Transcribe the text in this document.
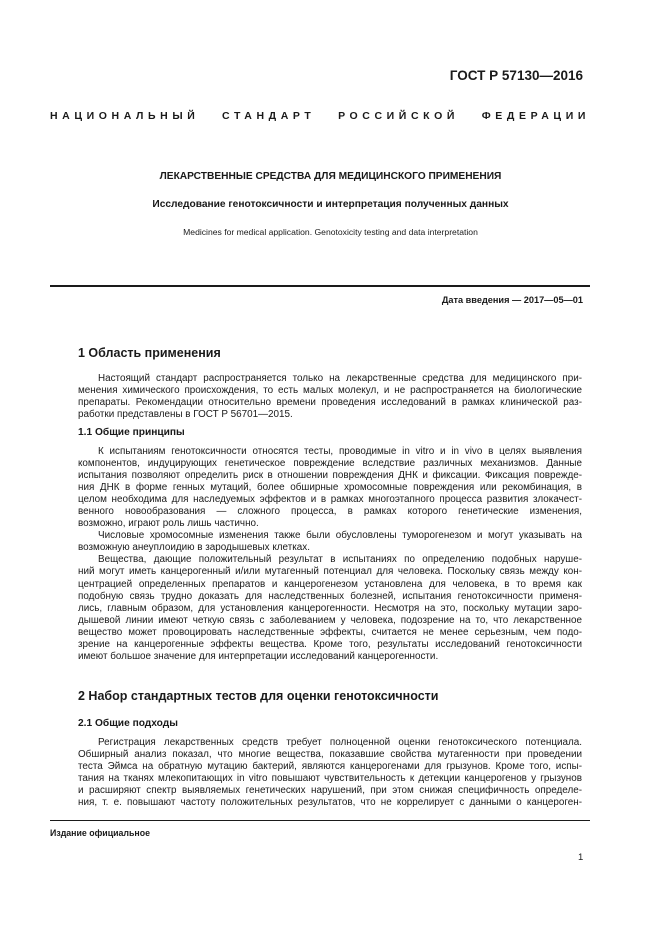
ГОСТ Р 57130—2016
НАЦИОНАЛЬНЫЙ СТАНДАРТ РОССИЙСКОЙ ФЕДЕРАЦИИ
ЛЕКАРСТВЕННЫЕ СРЕДСТВА ДЛЯ МЕДИЦИНСКОГО ПРИМЕНЕНИЯ
Исследование генотоксичности и интерпретация полученных данных
Medicines for medical application. Genotoxicity testing and data interpretation
Дата введения — 2017—05—01
1 Область применения
Настоящий стандарт распространяется только на лекарственные средства для медицинского при-
менения химического происхождения, то есть малых молекул, и не распространяется на биологические
препараты. Рекомендации относительно времени проведения исследований в рамках клинической раз-
работки представлены в ГОСТ Р 56701—2015.
1.1 Общие принципы
К испытаниям генотоксичности относятся тесты, проводимые in vitro и in vivo в целях выявления
компонентов, индуцирующих генетическое повреждение вследствие различных механизмов. Данные
испытания позволяют определить риск в отношении повреждения ДНК и фиксации. Фиксация поврежде-
ния ДНК в форме генных мутаций, более обширные хромосомные повреждения или рекомбинация, в
целом необходима для наследуемых эффектов и в рамках многоэтапного процесса развития злокачест-
венного новообразования — сложного процесса, в рамках которого генетические изменения,
возможно, играют роль лишь частично.
Числовые хромосомные изменения также были обусловлены туморогенезом и могут указывать на
возможную анеуплоидию в зародышевых клетках.
Вещества, дающие положительный результат в испытаниях по определению подобных наруше-
ний могут иметь канцерогенный и/или мутагенный потенциал для человека. Поскольку связь между кон-
центрацией определенных препаратов и канцерогенезом установлена для человека, в то время как
подобную связь трудно доказать для наследственных болезней, испытания генотоксичности применя-
лись, главным образом, для установления канцерогенности. Несмотря на это, поскольку мутации заро-
дышевой линии имеют четкую связь с заболеванием у человека, подозрение на то, что лекарственное
вещество может провоцировать наследственные эффекты, считается не менее серьезным, чем подо-
зрение на канцерогенные эффекты вещества. Кроме того, результаты исследований генотоксичности
имеют большое значение для интерпретации исследований канцерогенности.
2 Набор стандартных тестов для оценки генотоксичности
2.1 Общие подходы
Регистрация лекарственных средств требует полноценной оценки генотоксического потенциала.
Обширный анализ показал, что многие вещества, показавшие свойства мутагенности при проведении
теста Эймса на обратную мутацию бактерий, являются канцерогенами для грызунов. Кроме того, испы-
тания на тканях млекопитающих in vitro повышают чувствительность к детекции канцерогенов у грызунов
и расширяют спектр выявляемых генетических нарушений, при этом снижая специфичность определе-
ния, т. е. повышают частоту положительных результатов, что не коррелирует с данными о канцероген-
Издание официальное
1
